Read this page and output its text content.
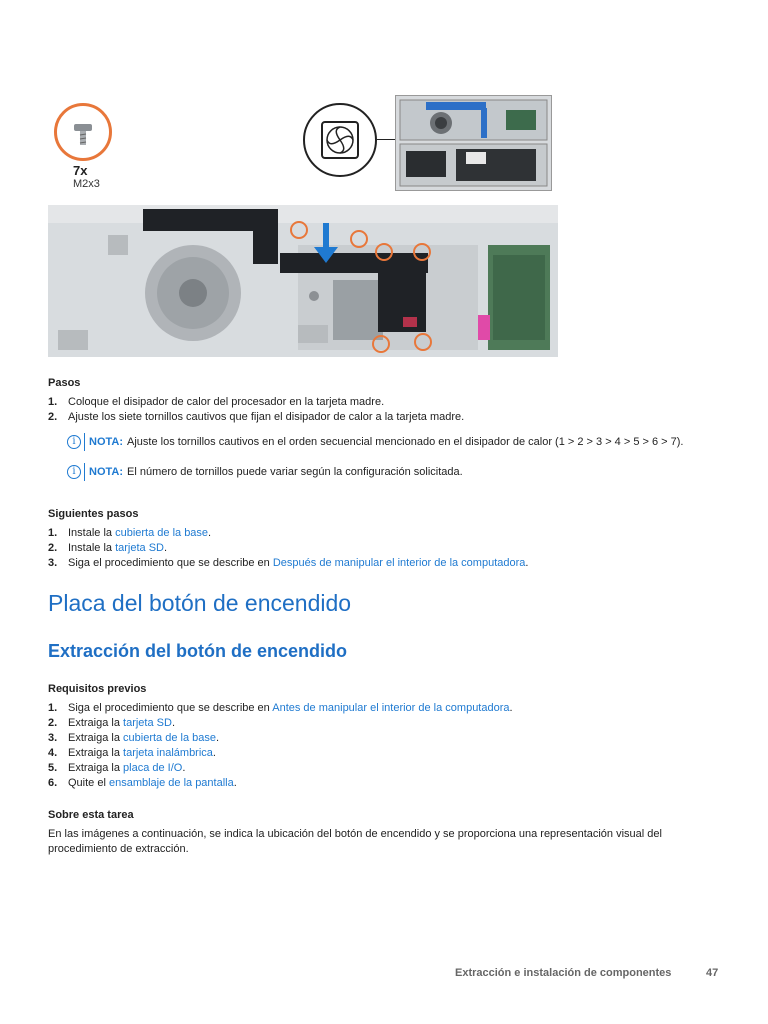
7x
M2x3
Pasos
1. Coloque el disipador de calor del procesador en la tarjeta madre.
2. Ajuste los siete tornillos cautivos que fijan el disipador de calor a la tarjeta madre.
i	NOTA: Ajuste los tornillos cautivos en el orden secuencial mencionado en el disipador de calor (1 > 2 > 3 > 4 > 5 > 6 > 7).
i	NOTA: El número de tornillos puede variar según la configuración solicitada.
Siguientes pasos
1. Instale la cubierta de la base.
2. Instale la tarjeta SD.
3. Siga el procedimiento que se describe en Después de manipular el interior de la computadora.
Placa del botón de encendido
Extracción del botón de encendido
Requisitos previos
1. Siga el procedimiento que se describe en Antes de manipular el interior de la computadora.
2. Extraiga la tarjeta SD.
3. Extraiga la cubierta de la base.
4. Extraiga la tarjeta inalámbrica.
5. Extraiga la placa de I/O.
6. Quite el ensamblaje de la pantalla.
Sobre esta tarea

En las imágenes a continuación, se indica la ubicación del botón de encendido y se proporciona una representación visual del procedimiento de extracción.

Extracción e instalación de componentes	47
